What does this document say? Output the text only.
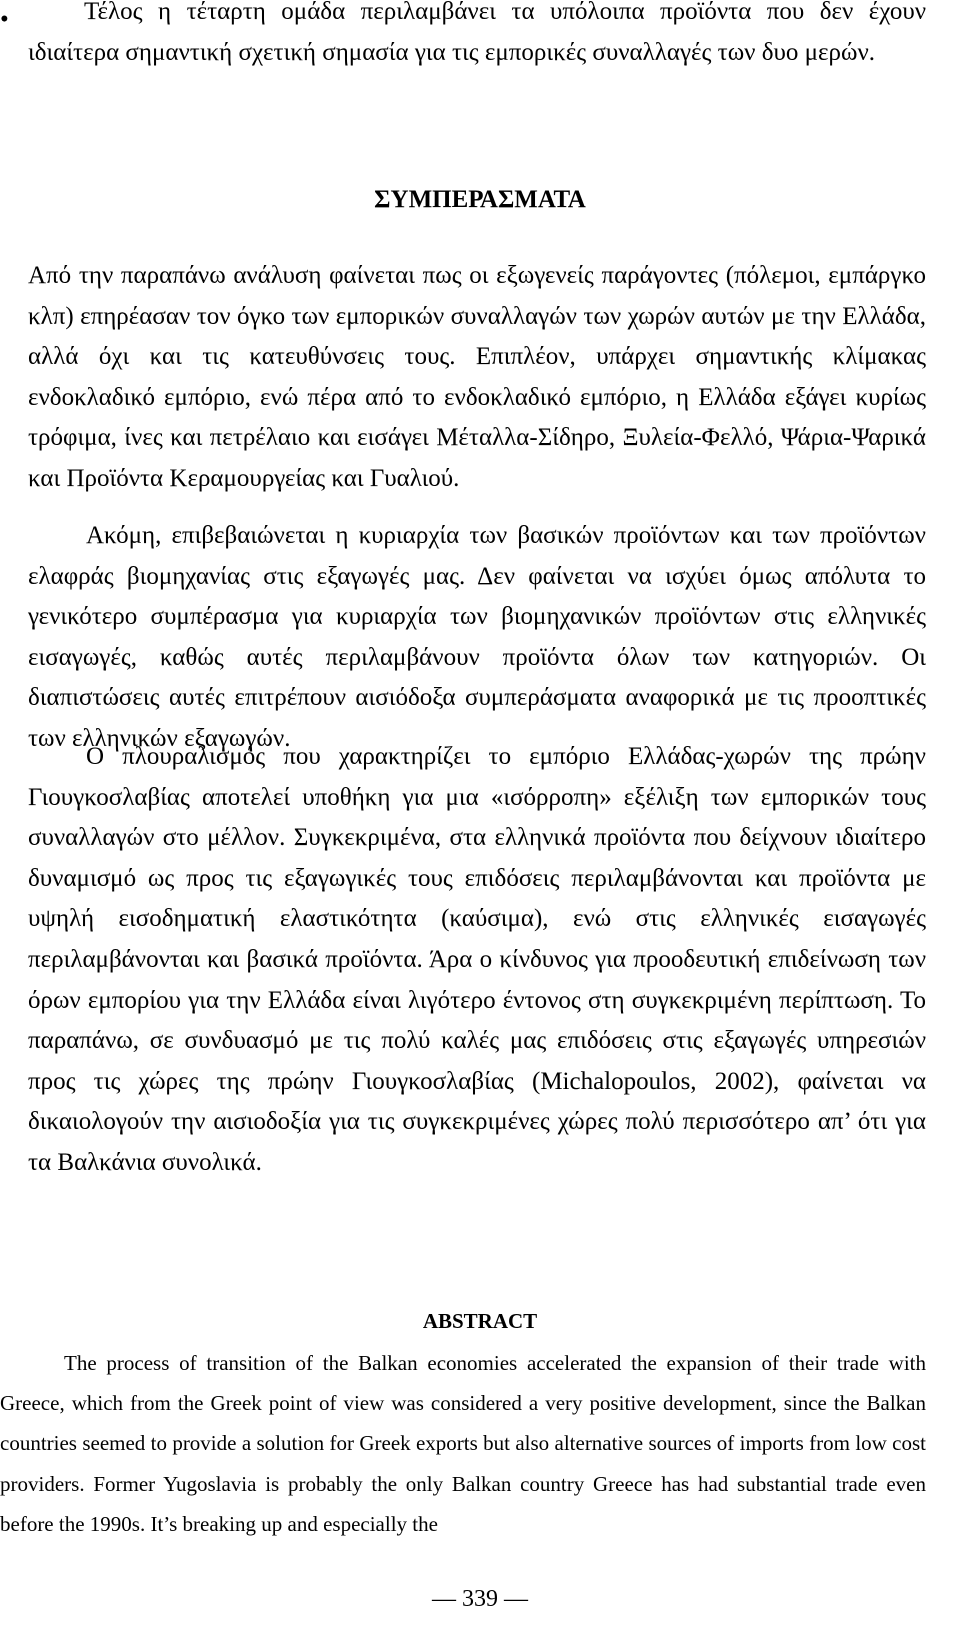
•	Τέλος η τέταρτη ομάδα περιλαμβάνει τα υπόλοιπα προϊόντα που δεν έχουν ιδιαίτερα σημαντική σχετική σημασία για τις εμπορικές συναλλαγές των δυο μερών.

ΣΥΜΠΕΡΑΣΜΑΤΑ

Από την παραπάνω ανάλυση φαίνεται πως οι εξωγενείς παράγοντες (πόλεμοι, εμπάργκο κλπ) επηρέασαν τον όγκο των εμπορικών συναλλαγών των χωρών αυτών με την Ελλάδα, αλλά όχι και τις κατευθύνσεις τους. Επιπλέον, υπάρχει σημαντικής κλίμακας ενδοκλαδικό εμπόριο, ενώ πέρα από το ενδοκλαδικό εμπόριο, η Ελλάδα εξάγει κυρίως τρόφιμα, ίνες και πετρέλαιο και εισάγει Μέταλλα-Σίδηρο, Ξυλεία-Φελλό, Ψάρια-Ψαρικά και Προϊόντα Κεραμουργείας και Γυαλιού.

Ακόμη, επιβεβαιώνεται η κυριαρχία των βασικών προϊόντων και των προϊόντων ελαφράς βιομηχανίας στις εξαγωγές μας. Δεν φαίνεται να ισχύει όμως απόλυτα το γενικότερο συμπέρασμα για κυριαρχία των βιομηχανικών προϊόντων στις ελληνικές εισαγωγές, καθώς αυτές περιλαμβάνουν προϊόντα όλων των κατηγοριών. Οι διαπιστώσεις αυτές επιτρέπουν αισιόδοξα συμπεράσματα αναφορικά με τις προοπτικές των ελληνικών εξαγωγών.

Ο πλουραλισμός που χαρακτηρίζει το εμπόριο Ελλάδας-χωρών της πρώην Γιουγκοσλαβίας αποτελεί υποθήκη για μια «ισόρροπη» εξέλιξη των εμπορικών τους συναλλαγών στο μέλλον. Συγκεκριμένα, στα ελληνικά προϊόντα που δείχνουν ιδιαίτερο δυναμισμό ως προς τις εξαγωγικές τους επιδόσεις περιλαμβάνονται και προϊόντα με υψηλή εισοδηματική ελαστικότητα (καύσιμα), ενώ στις ελληνικές εισαγωγές περιλαμβάνονται και βασικά προϊόντα. Άρα ο κίνδυνος για προοδευτική επιδείνωση των όρων εμπορίου για την Ελλάδα είναι λιγότερο έντονος στη συγκεκριμένη περίπτωση. Το παραπάνω, σε συνδυασμό με τις πολύ καλές μας επιδόσεις στις εξαγωγές υπηρεσιών προς τις χώρες της πρώην Γιουγκοσλαβίας (Michalopoulos, 2002), φαίνεται να δικαιολογούν την αισιοδοξία για τις συγκεκριμένες χώρες πολύ περισσότερο απ’ ότι για τα Βαλκάνια συνολικά.

ABSTRACT

The process of transition of the Balkan economies accelerated the expansion of their trade with Greece, which from the Greek point of view was considered a very positive development, since the Balkan countries seemed to provide a solution for Greek exports but also alternative sources of imports from low cost providers. Former Yugoslavia is probably the only Balkan country Greece has had substantial trade even before the 1990s. It’s breaking up and especially the

— 339 —
